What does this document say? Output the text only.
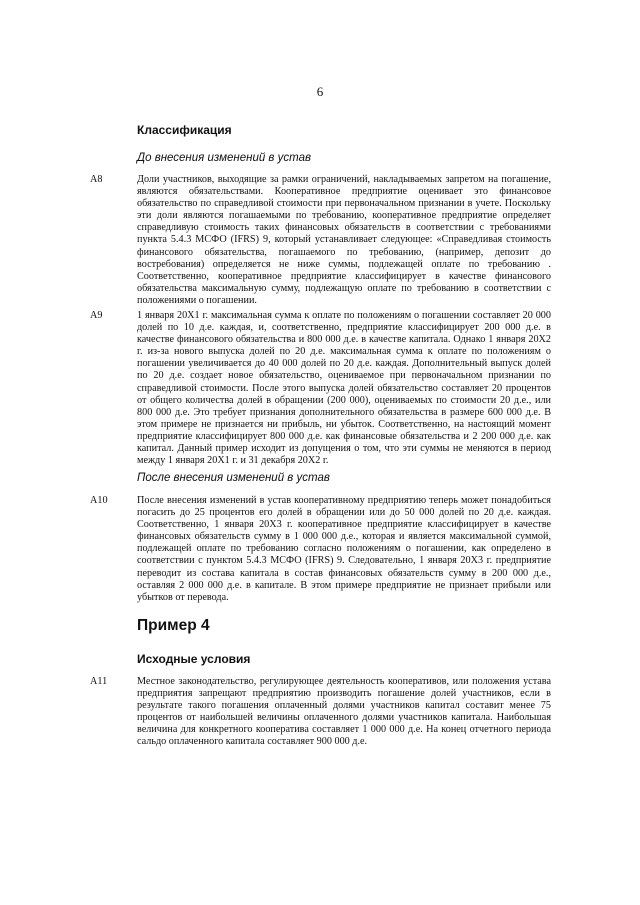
6
Классификация
До внесения изменений в устав
A8	Доли участников, выходящие за рамки ограничений, накладываемых запретом на погашение, являются обязательствами. Кооперативное предприятие оценивает это финансовое обязательство по справедливой стоимости при первоначальном признании в учете. Поскольку эти доли являются погашаемыми по требованию, кооперативное предприятие определяет справедливую стоимость таких финансовых обязательств в соответствии с требованиями пункта 5.4.3 МСФО (IFRS) 9, который устанавливает следующее: «Справедливая стоимость финансового обязательства, погашаемого по требованию, (например, депозит до востребования) определяется не ниже суммы, подлежащей оплате по требованию . Соответственно, кооперативное предприятие классифицирует в качестве финансового обязательства максимальную сумму, подлежащую оплате по требованию в соответствии с положениями о погашении.
A9	1 января 20Х1 г. максимальная сумма к оплате по положениям о погашении составляет 20 000 долей по 10 д.е. каждая, и, соответственно, предприятие классифицирует 200 000 д.е. в качестве финансового обязательства и 800 000 д.е. в качестве капитала. Однако 1 января 20Х2 г. из-за нового выпуска долей по 20 д.е. максимальная сумма к оплате по положениям о погашении увеличивается до 40 000 долей по 20 д.е. каждая. Дополнительный выпуск долей по 20 д.е. создает новое обязательство, оцениваемое при первоначальном признании по справедливой стоимости. После этого выпуска долей обязательство составляет 20 процентов от общего количества долей в обращении (200 000), оцениваемых по стоимости 20 д.е., или 800 000 д.е. Это требует признания дополнительного обязательства в размере 600 000 д.е. В этом примере не признается ни прибыль, ни убыток. Соответственно, на настоящий момент предприятие классифицирует 800 000 д.е. как финансовые обязательства и 2 200 000 д.е. как капитал. Данный пример исходит из допущения о том, что эти суммы не меняются в период между 1 января 20Х1 г. и 31 декабря 20Х2 г.
После внесения изменений в устав
A10	После внесения изменений в устав кооперативному предприятию теперь может понадобиться погасить до 25 процентов его долей в обращении или до 50 000 долей по 20 д.е. каждая. Соответственно, 1 января 20Х3 г. кооперативное предприятие классифицирует в качестве финансовых обязательств сумму в 1 000 000 д.е., которая и является максимальной суммой, подлежащей оплате по требованию согласно положениям о погашении, как определено в соответствии с пунктом 5.4.3 МСФО (IFRS) 9. Следовательно, 1 января 20Х3 г. предприятие переводит из состава капитала в состав финансовых обязательств сумму в 200 000 д.е., оставляя 2 000 000 д.е. в капитале. В этом примере предприятие не признает прибыли или убытков от перевода.
Пример 4
Исходные условия
A11	Местное законодательство, регулирующее деятельность кооперативов, или положения устава предприятия запрещают предприятию производить погашение долей участников, если в результате такого погашения оплаченный долями участников капитал составит менее 75 процентов от наибольшей величины оплаченного долями участников капитала. Наибольшая величина для конкретного кооператива составляет 1 000 000 д.е. На конец отчетного периода сальдо оплаченного капитала составляет 900 000 д.е.
